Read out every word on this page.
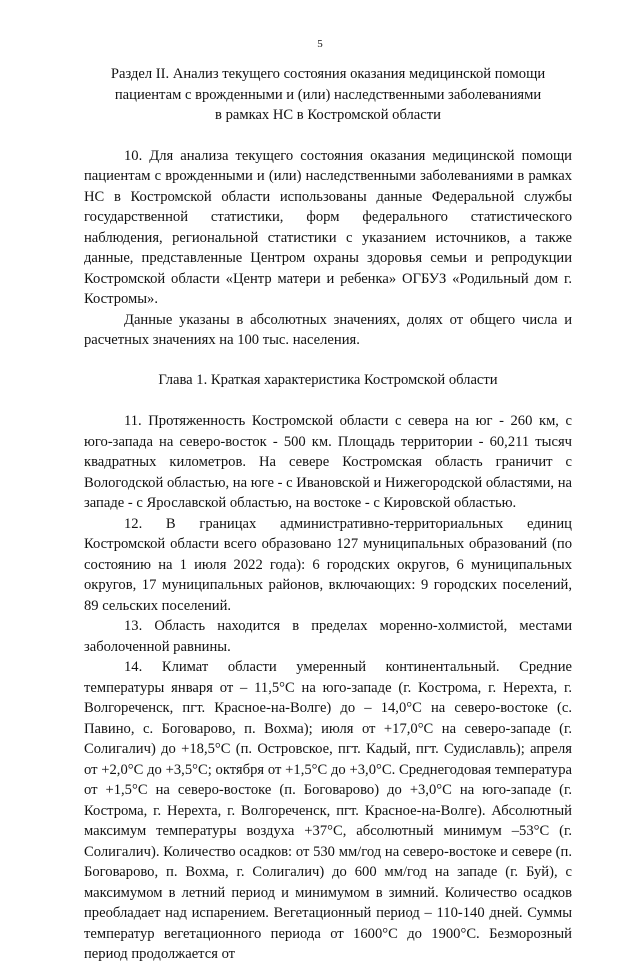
5
Раздел II. Анализ текущего состояния оказания медицинской помощи
пациентам с врожденными и (или) наследственными заболеваниями
в рамках НС в Костромской области

10. Для анализа текущего состояния оказания медицинской помощи пациентам с врожденными и (или) наследственными заболеваниями в рамках НС в Костромской области использованы данные Федеральной службы государственной статистики, форм федерального статистического наблюдения, региональной статистики с указанием источников, а также данные, представленные Центром охраны здоровья семьи и репродукции Костромской области «Центр матери и ребенка» ОГБУЗ «Родильный дом г. Костромы».

Данные указаны в абсолютных значениях, долях от общего числа и расчетных значениях на 100 тыс. населения.

Глава 1. Краткая характеристика Костромской области

11. Протяженность Костромской области с севера на юг - 260 км, с юго-запада на северо-восток - 500 км. Площадь территории - 60,211 тысяч квадратных километров. На севере Костромская область граничит с Вологодской областью, на юге - с Ивановской и Нижегородской областями, на западе - с Ярославской областью, на востоке - с Кировской областью.

12. В границах административно-территориальных единиц Костромской области всего образовано 127 муниципальных образований (по состоянию на 1 июля 2022 года): 6 городских округов, 6 муниципальных округов, 17 муниципальных районов, включающих: 9 городских поселений, 89 сельских поселений.

13. Область находится в пределах моренно-холмистой, местами заболоченной равнины.

14. Климат области умеренный континентальный. Средние температуры января от – 11,5°С на юго-западе (г. Кострома, г. Нерехта, г. Волгореченск, пгт. Красное-на-Волге) до – 14,0°С на северо-востоке (с. Павино, с. Боговарово, п. Вохма); июля от +17,0°С на северо-западе (г. Солигалич) до +18,5°С (п. Островское, пгт. Кадый, пгт. Судиславль); апреля от +2,0°С до +3,5°С; октября от +1,5°С до +3,0°С. Среднегодовая температура от +1,5°С на северо-востоке (п. Боговарово) до +3,0°С на юго-западе (г. Кострома, г. Нерехта, г. Волгореченск, пгт. Красное-на-Волге). Абсолютный максимум температуры воздуха +37°С, абсолютный минимум –53°С (г. Солигалич). Количество осадков: от 530 мм/год на северо-востоке и севере (п. Боговарово, п. Вохма, г. Солигалич) до 600 мм/год на западе (г. Буй), с максимумом в летний период и минимумом в зимний. Количество осадков преобладает над испарением. Вегетационный период – 110-140 дней. Суммы температур вегетационного периода от 1600°С до 1900°С. Безморозный период продолжается от
